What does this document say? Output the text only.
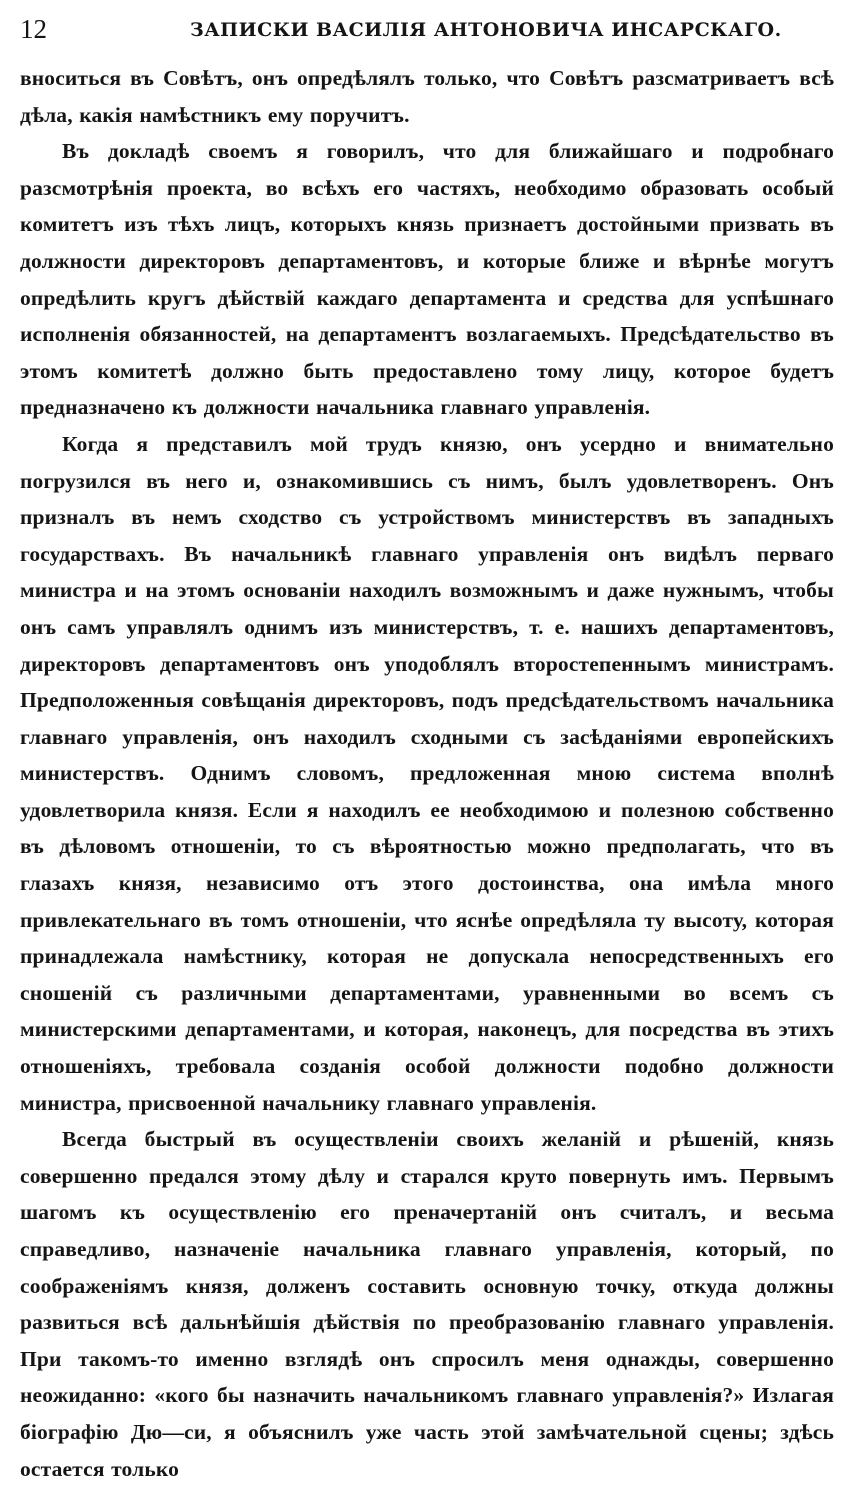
12	ЗАПИСКИ ВАСИЛІЯ АНТОНОВИЧА ИНСАРСКАГО.

вноситься въ Совѣтъ, онъ опредѣлялъ только, что Совѣтъ разсматриваетъ всѣ дѣла, какія намѣстникъ ему поручитъ.

Въ докладѣ своемъ я говорилъ, что для ближайшаго и подробнаго разсмотрѣнія проекта, во всѣхъ его частяхъ, необходимо образовать особый комитетъ изъ тѣхъ лицъ, которыхъ князь признаетъ достойными призвать въ должности директоровъ департаментовъ, и которые ближе и вѣрнѣе могутъ опредѣлить кругъ дѣйствій каждаго департамента и средства для успѣшнаго исполненія обязанностей, на департаментъ возлагаемыхъ. Предсѣдательство въ этомъ комитетѣ должно быть предоставлено тому лицу, которое будетъ предназначено къ должности начальника главнаго управленія.

Когда я представилъ мой трудъ князю, онъ усердно и внимательно погрузился въ него и, ознакомившись съ нимъ, былъ удовлетворенъ. Онъ призналъ въ немъ сходство съ устройствомъ министерствъ въ западныхъ государствахъ. Въ начальникѣ главнаго управленія онъ видѣлъ перваго министра и на этомъ основаніи находилъ возможнымъ и даже нужнымъ, чтобы онъ самъ управлялъ однимъ изъ министерствъ, т. е. нашихъ департаментовъ, директоровъ департаментовъ онъ уподоблялъ второстепеннымъ министрамъ. Предположенныя совѣщанія директоровъ, подъ предсѣдательствомъ начальника главнаго управленія, онъ находилъ сходными съ засѣданіями европейскихъ министерствъ. Однимъ словомъ, предложенная мною система вполнѣ удовлетворила князя. Если я находилъ ее необходимою и полезною собственно въ дѣловомъ отношеніи, то съ вѣроятностью можно предполагать, что въ глазахъ князя, независимо отъ этого достоинства, она имѣла много привлекательнаго въ томъ отношеніи, что яснѣе опредѣляла ту высоту, которая принадлежала намѣстнику, которая не допускала непосредственныхъ его сношеній съ различными департаментами, уравненными во всемъ съ министерскими департаментами, и которая, наконецъ, для посредства въ этихъ отношеніяхъ, требовала созданія особой должности подобно должности министра, присвоенной начальнику главнаго управленія.

Всегда быстрый въ осуществленіи своихъ желаній и рѣшеній, князь совершенно предался этому дѣлу и старался круто повернуть имъ. Первымъ шагомъ къ осуществленію его преначертаній онъ считалъ, и весьма справедливо, назначеніе начальника главнаго управленія, который, по соображеніямъ князя, долженъ составить основную точку, откуда должны развиться всѣ дальнѣйшія дѣйствія по преобразованію главнаго управленія. При такомъ-то именно взглядѣ онъ спросилъ меня однажды, совершенно неожиданно: «кого бы назначить начальникомъ главнаго управленія?» Излагая біографію Дю—си, я объяснилъ уже часть этой замѣчательной сцены; здѣсь остается только
